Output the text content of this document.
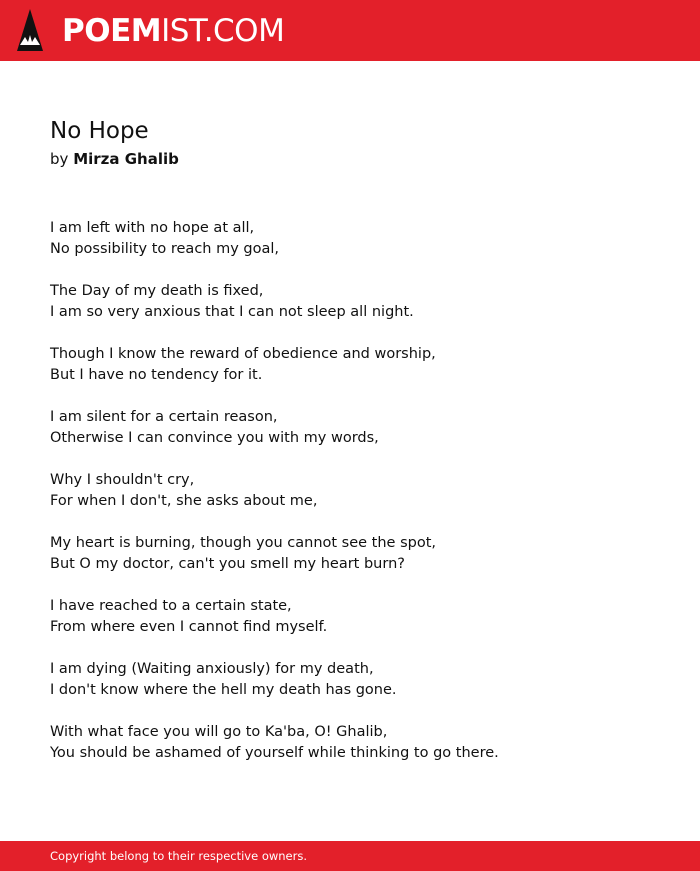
POEMIST.COM
No Hope
by Mirza Ghalib
I am left with no hope at all,
No possibility to reach my goal,
The Day of my death is fixed,
I am so very anxious that I can not sleep all night.
Though I know the reward of obedience and worship,
But I have no tendency for it.
I am silent for a certain reason,
Otherwise I can convince you with my words,
Why I shouldn't cry,
For when I don't, she asks about me,
My heart is burning, though you cannot see the spot,
But O my doctor, can't you smell my heart burn?
I have reached to a certain state,
From where even I cannot find myself.
I am dying (Waiting anxiously) for my death,
I don't know where the hell my death has gone.
With what face you will go to Ka'ba, O! Ghalib,
You should be ashamed of yourself while thinking to go there.
Copyright belong to their respective owners.
